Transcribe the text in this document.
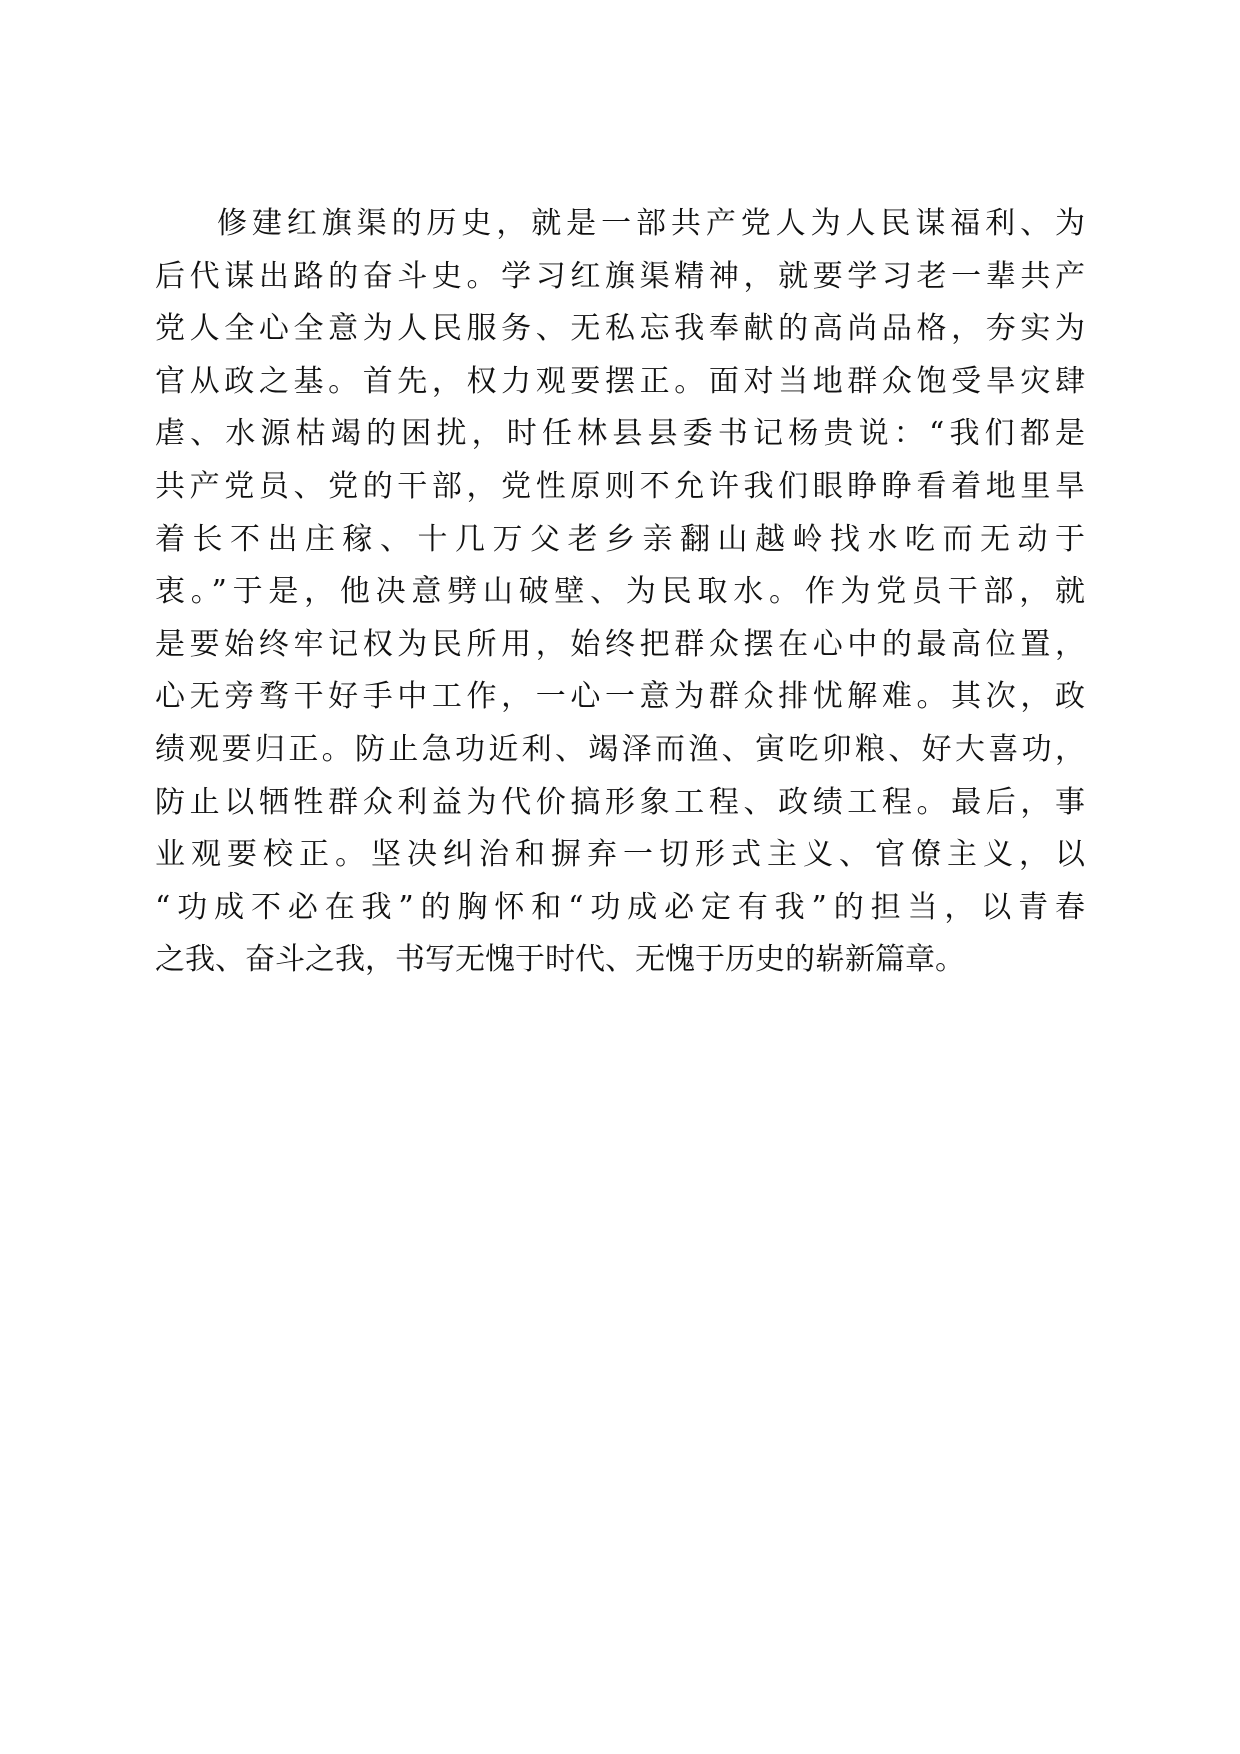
修建红旗渠的历史，就是一部共产党人为人民谋福利、为
后代谋出路的奋斗史。学习红旗渠精神，就要学习老一辈共产
党人全心全意为人民服务、无私忘我奉献的高尚品格，夯实为
官从政之基。首先，权力观要摆正。面对当地群众饱受旱灾肆
虐、水源枯竭的困扰，时任林县县委书记杨贵说：“我们都是
共产党员、党的干部，党性原则不允许我们眼睁睁看着地里旱
着长不出庄稼、十几万父老乡亲翻山越岭找水吃而无动于
衷。”于是，他决意劈山破壁、为民取水。作为党员干部，就
是要始终牢记权为民所用，始终把群众摆在心中的最高位置，
心无旁骛干好手中工作，一心一意为群众排忧解难。其次，政
绩观要归正。防止急功近利、竭泽而渔、寅吃卯粮、好大喜功，
防止以牺牲群众利益为代价搞形象工程、政绩工程。最后，事
业观要校正。坚决纠治和摒弃一切形式主义、官僚主义，以
“功成不必在我”的胸怀和“功成必定有我”的担当，以青春
之我、奋斗之我，书写无愧于时代、无愧于历史的崭新篇章。
